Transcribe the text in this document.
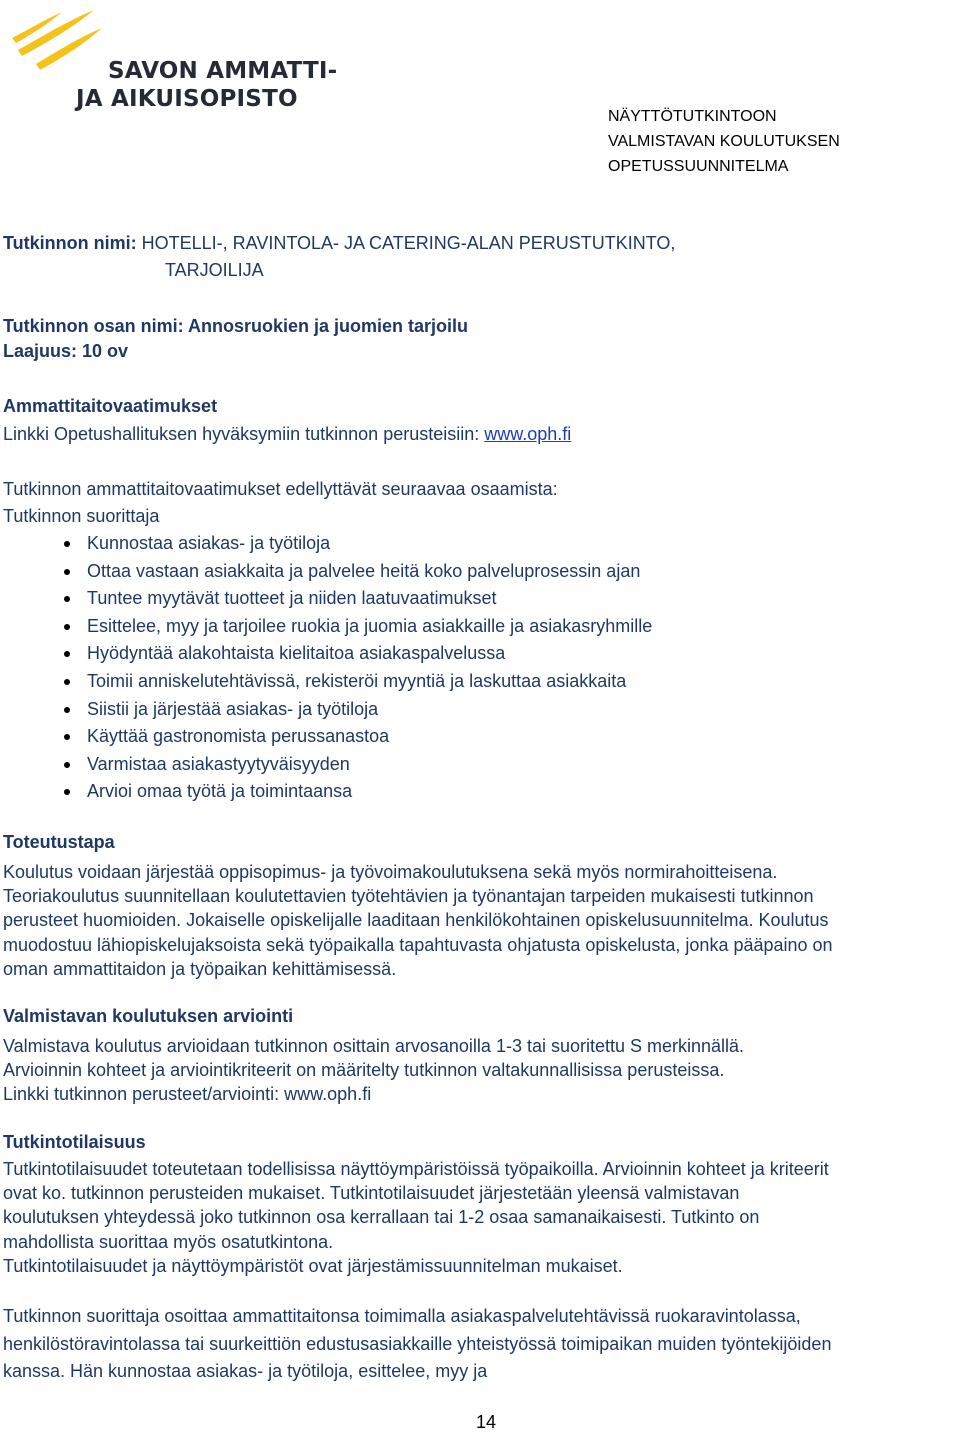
SAVON AMMATTI-
JA AIKUISOPISTO
NÄYTTÖTUTKINTOON
VALMISTAVAN KOULUTUKSEN
OPETUSSUUNNITELMA
Tutkinnon nimi: HOTELLI-, RAVINTOLA- JA CATERING-ALAN PERUSTUTKINTO,
TARJOILIJA
Tutkinnon osan nimi: Annosruokien ja juomien tarjoilu
Laajuus: 10 ov
Ammattitaitovaatimukset
Linkki Opetushallituksen hyväksymiin tutkinnon perusteisiin: www.oph.fi
Tutkinnon ammattitaitovaatimukset edellyttävät seuraavaa osaamista:
Tutkinnon suorittaja
Kunnostaa asiakas- ja työtiloja
Ottaa vastaan asiakkaita ja palvelee heitä koko palveluprosessin ajan
Tuntee myytävät tuotteet ja niiden laatuvaatimukset
Esittelee, myy ja tarjoilee ruokia ja juomia asiakkaille ja asiakasryhmille
Hyödyntää alakohtaista kielitaitoa asiakaspalvelussa
Toimii anniskelutehtävissä, rekisteröi myyntiä ja laskuttaa asiakkaita
Siistii ja järjestää asiakas- ja työtiloja
Käyttää gastronomista perussanastoa
Varmistaa asiakastyytyväisyyden
Arvioi omaa työtä ja toimintaansa
Toteutustapa
Koulutus voidaan järjestää oppisopimus- ja työvoimakoulutuksena sekä myös normirahoitteisena.
Teoriakoulutus suunnitellaan koulutettavien työtehtävien ja työnantajan tarpeiden mukaisesti tutkinnon
perusteet huomioiden. Jokaiselle opiskelijalle laaditaan henkilökohtainen opiskelusuunnitelma. Koulutus
muodostuu lähiopiskelujaksoista sekä työpaikalla tapahtuvasta ohjatusta opiskelusta, jonka pääpaino on
oman ammattitaidon ja työpaikan kehittämisessä.
Valmistavan koulutuksen arviointi
Valmistava koulutus arvioidaan tutkinnon osittain arvosanoilla 1-3 tai suoritettu S merkinnällä.
Arvioinnin kohteet ja arviointikriteerit on määritelty tutkinnon valtakunnallisissa perusteissa.
Linkki tutkinnon perusteet/arviointi: www.oph.fi
Tutkintotilaisuus
Tutkintotilaisuudet toteutetaan todellisissa näyttöympäristöissä työpaikoilla. Arvioinnin kohteet ja kriteerit
ovat ko. tutkinnon perusteiden mukaiset. Tutkintotilaisuudet järjestetään yleensä valmistavan
koulutuksen yhteydessä joko tutkinnon osa kerrallaan tai 1-2 osaa samanaikaisesti. Tutkinto on
mahdollista suorittaa myös osatutkintona.
Tutkintotilaisuudet ja näyttöympäristöt ovat järjestämissuunnitelman mukaiset.
Tutkinnon suorittaja osoittaa ammattitaitonsa toimimalla asiakaspalvelutehtävissä ruokaravintolassa,
henkilöstöravintolassa tai suurkeittiön edustusasiakkaille yhteistyössä toimipaikan muiden työntekijöiden
kanssa. Hän kunnostaa asiakas- ja työtiloja, esittelee, myy ja
14
